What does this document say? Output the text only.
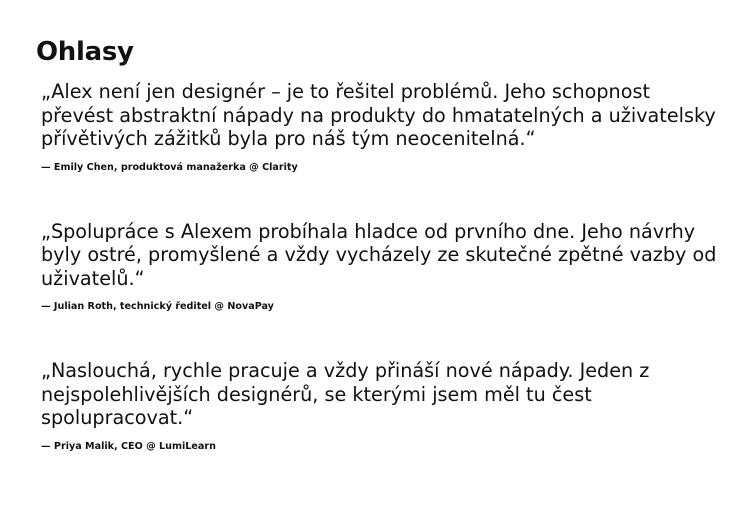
Ohlasy

„Alex není jen designér – je to řešitel problémů. Jeho schopnost převést abstraktní nápady na produkty do hmatatelných a uživatelsky přívětivých zážitků byla pro náš tým neocenitelná.“

— Emily Chen, produktová manažerka @ Clarity

„Spolupráce s Alexem probíhala hladce od prvního dne. Jeho návrhy byly ostré, promyšlené a vždy vycházely ze skutečné zpětné vazby od uživatelů.“

— Julian Roth, technický ředitel @ NovaPay

„Naslouchá, rychle pracuje a vždy přináší nové nápady. Jeden z nejspolehlivějších designérů, se kterými jsem měl tu čest spolupracovat.“

— Priya Malik, CEO @ LumiLearn
